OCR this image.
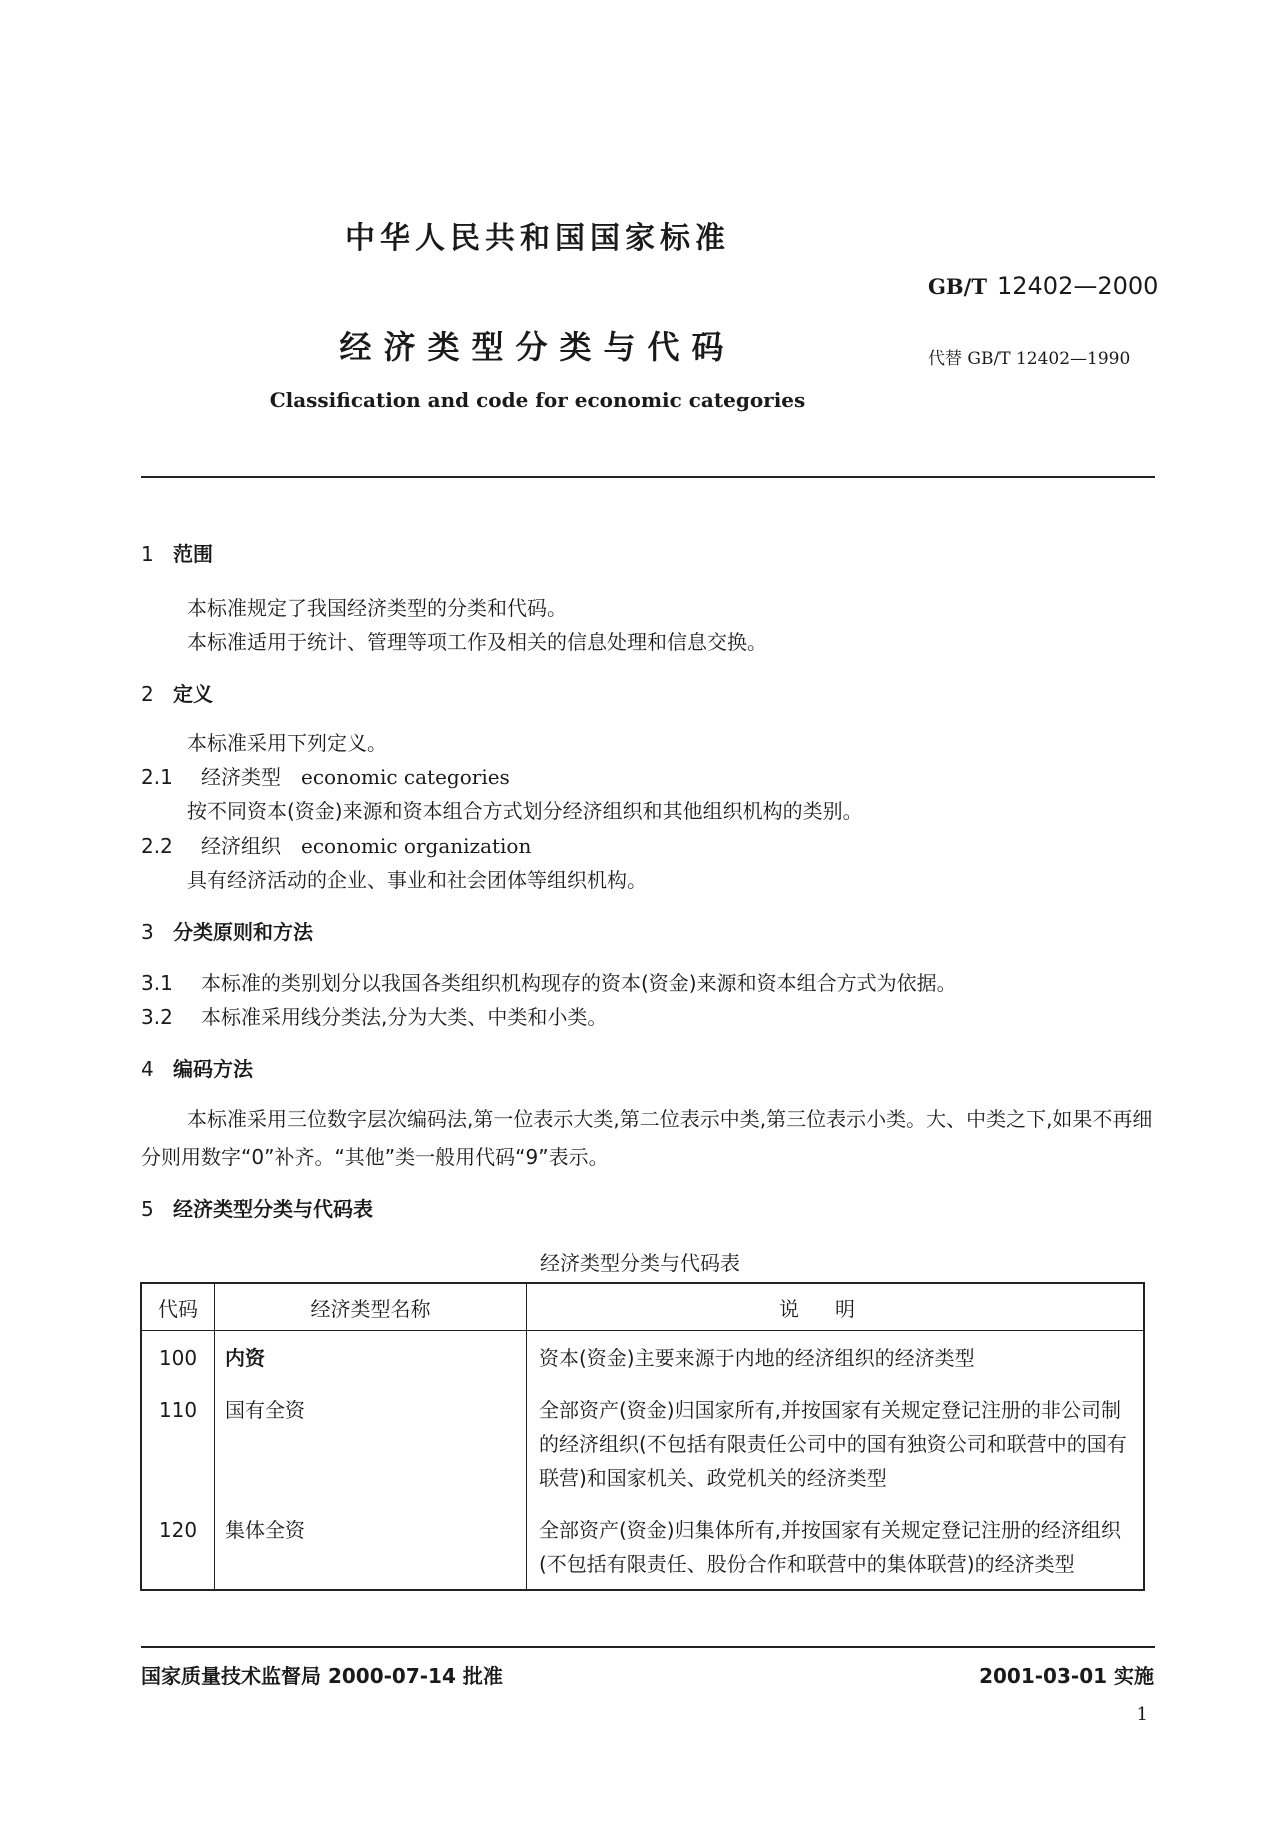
中华人民共和国国家标准
GB/T 12402—2000
经济类型分类与代码	代替 GB/T 12402—1990
Classification and code for economic categories
1 范围
本标准规定了我国经济类型的分类和代码。
本标准适用于统计、管理等项工作及相关的信息处理和信息交换。
2 定义
本标准采用下列定义。
2.1 经济类型 economic categories
按不同资本(资金)来源和资本组合方式划分经济组织和其他组织机构的类别。
2.2 经济组织 economic organization
具有经济活动的企业、事业和社会团体等组织机构。
3 分类原则和方法
3.1 本标准的类别划分以我国各类组织机构现存的资本(资金)来源和资本组合方式为依据。
3.2 本标准采用线分类法,分为大类、中类和小类。
4 编码方法
本标准采用三位数字层次编码法,第一位表示大类,第二位表示中类,第三位表示小类。大、中类之下,如果不再细分则用数字“0”补齐。“其他”类一般用代码“9”表示。
5 经济类型分类与代码表
经济类型分类与代码表
代码	经济类型名称	说明
100	内资	资本(资金)主要来源于内地的经济组织的经济类型
110	国有全资	全部资产(资金)归国家所有,并按国家有关规定登记注册的非公司制的经济组织(不包括有限责任公司中的国有独资公司和联营中的国有联营)和国家机关、政党机关的经济类型
120	集体全资	全部资产(资金)归集体所有,并按国家有关规定登记注册的经济组织(不包括有限责任、股份合作和联营中的集体联营)的经济类型
国家质量技术监督局 2000-07-14 批准	2001-03-01 实施
1
